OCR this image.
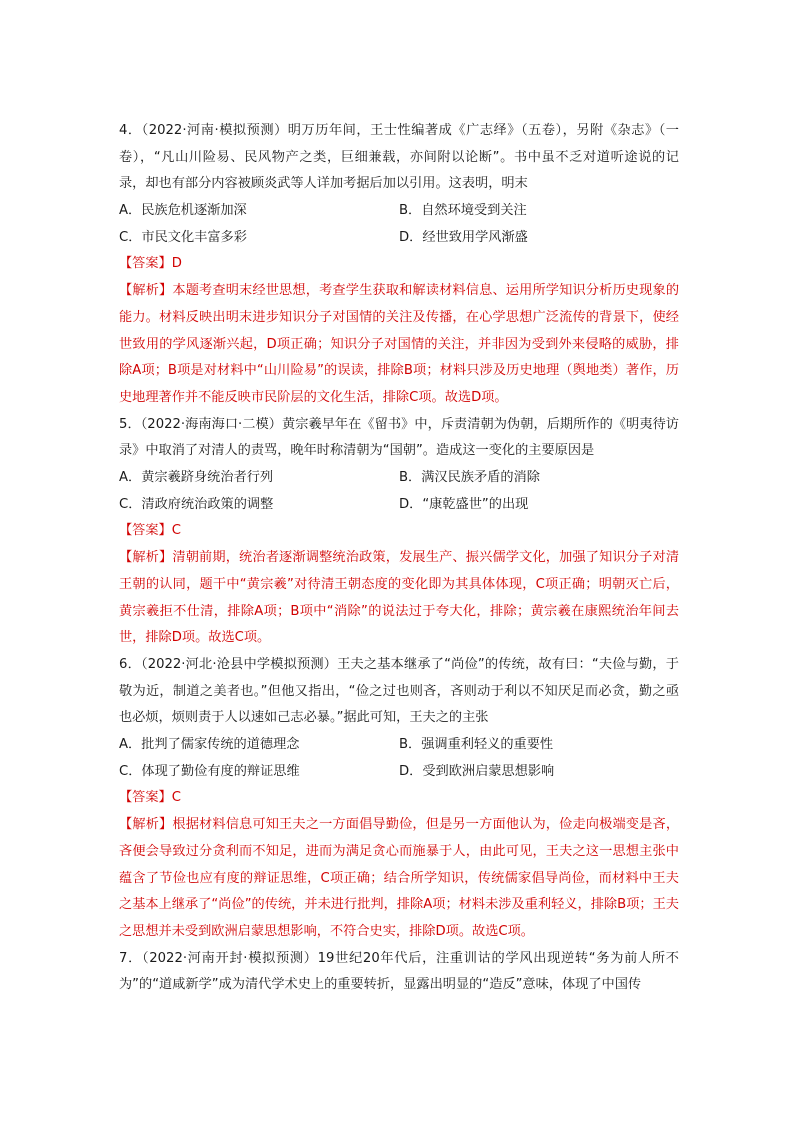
4．（2022·河南·模拟预测）明万历年间，王士性编著成《广志绎》（五卷），另附《杂志》（一卷），“凡山川险易、民风物产之类，巨细兼载，亦间附以论断”。书中虽不乏对道听途说的记录，却也有部分内容被顾炎武等人详加考据后加以引用。这表明，明末

A．民族危机逐渐加深	B．自然环境受到关注
C．市民文化丰富多彩	D．经世致用学风渐盛

【答案】D

【解析】本题考查明末经世思想，考查学生获取和解读材料信息、运用所学知识分析历史现象的能力。材料反映出明末进步知识分子对国情的关注及传播，在心学思想广泛流传的背景下，使经世致用的学风逐渐兴起，D项正确；知识分子对国情的关注，并非因为受到外来侵略的威胁，排除A项；B项是对材料中“山川险易”的误读，排除B项；材料只涉及历史地理（舆地类）著作，历史地理著作并不能反映市民阶层的文化生活，排除C项。故选D项。

5．（2022·海南海口·二模）黄宗羲早年在《留书》中，斥责清朝为伪朝，后期所作的《明夷待访录》中取消了对清人的责骂，晚年时称清朝为“国朝”。造成这一变化的主要原因是

A．黄宗羲跻身统治者行列	B．满汉民族矛盾的消除
C．清政府统治政策的调整	D．“康乾盛世”的出现

【答案】C

【解析】清朝前期，统治者逐渐调整统治政策，发展生产、振兴儒学文化，加强了知识分子对清王朝的认同，题干中“黄宗羲”对待清王朝态度的变化即为其具体体现，C项正确；明朝灭亡后，黄宗羲拒不仕清，排除A项；B项中“消除”的说法过于夸大化，排除；黄宗羲在康熙统治年间去世，排除D项。故选C项。

6．（2022·河北·沧县中学模拟预测）王夫之基本继承了“尚俭”的传统，故有曰：“夫俭与勤，于敬为近，制道之美者也。”但他又指出，“俭之过也则吝，吝则动于利以不知厌足而必贪，勤之亟也必烦，烦则责于人以速如己志必暴。”据此可知，王夫之的主张

A．批判了儒家传统的道德理念	B．强调重利轻义的重要性
C．体现了勤俭有度的辩证思维	D．受到欧洲启蒙思想影响

【答案】C

【解析】根据材料信息可知王夫之一方面倡导勤俭，但是另一方面他认为，俭走向极端变是吝，吝便会导致过分贪利而不知足，进而为满足贪心而施暴于人，由此可见，王夫之这一思想主张中蕴含了节俭也应有度的辩证思维，C项正确；结合所学知识，传统儒家倡导尚俭，而材料中王夫之基本上继承了“尚俭”的传统，并未进行批判，排除A项；材料未涉及重利轻义，排除B项；王夫之思想并未受到欧洲启蒙思想影响，不符合史实，排除D项。故选C项。

7．（2022·河南开封·模拟预测）19世纪20年代后，注重训诂的学风出现逆转“务为前人所不为”的“道咸新学”成为清代学术史上的重要转折，显露出明显的“造反”意味，体现了中国传
